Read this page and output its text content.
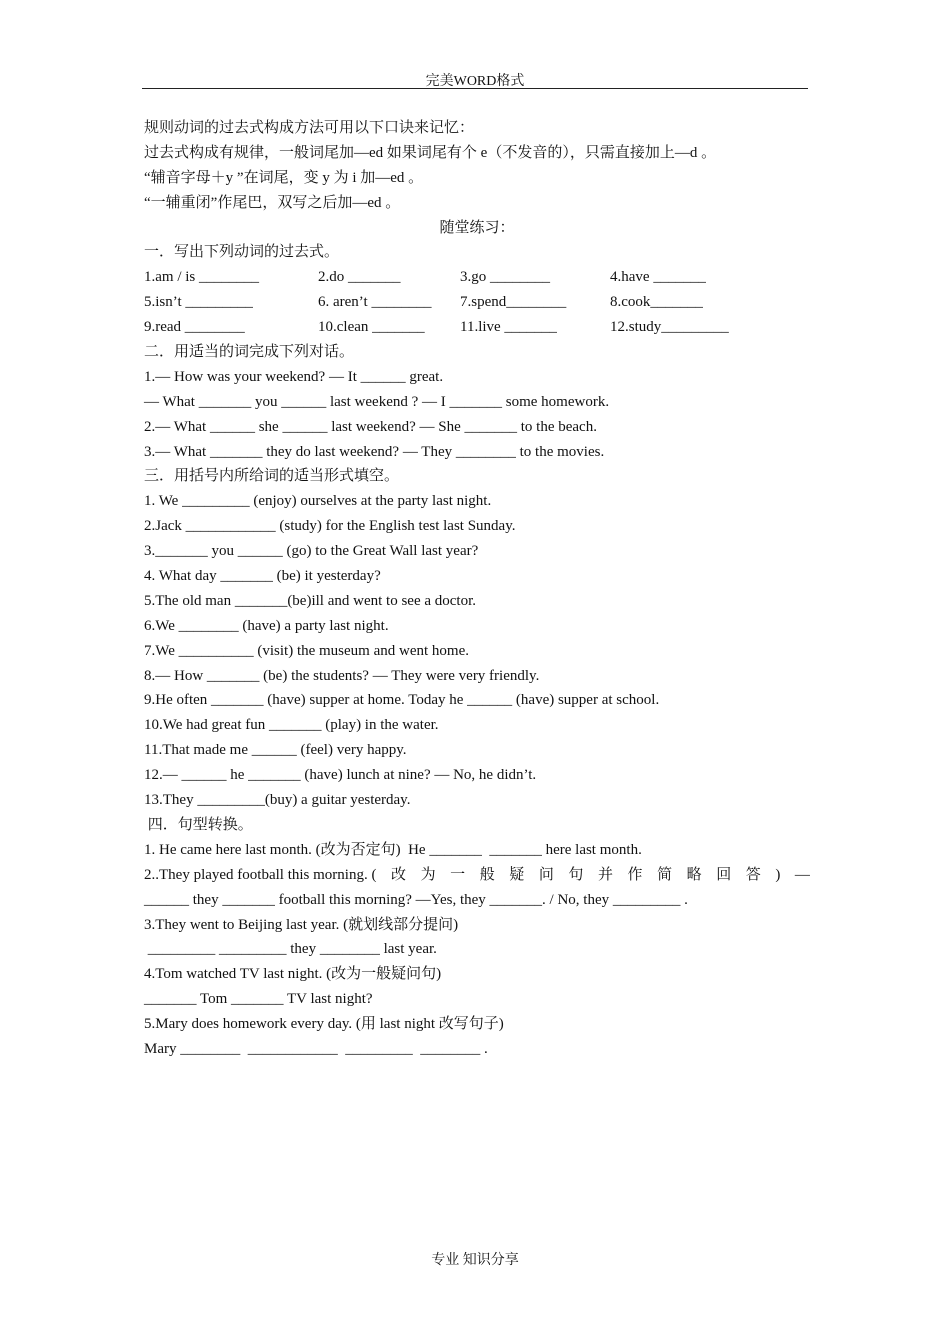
完美WORD格式
规则动词的过去式构成方法可用以下口诀来记忆：
过去式构成有规律，一般词尾加—ed 如果词尾有个 e（不发音的），只需直接加上—d 。
“辅音字母＋y ”在词尾，变 y 为 i 加—ed 。
“一辅重闭”作尾巴，双写之后加—ed 。
随堂练习：
一．写出下列动词的过去式。
1.am / is ________	2.do _______	3.go ________	4.have _______
5.isn’t _________	6. aren’t ________	7.spend________	8.cook_______
9.read ________	10.clean _______	11.live _______	12.study_________
二．用适当的词完成下列对话。
1.— How was your weekend? — It ______ great.
— What _______ you ______ last weekend ? — I _______ some homework.
2.— What ______ she ______ last weekend? — She _______ to the beach.
3.— What _______ they do last weekend? — They ________ to the movies.
三．用括号内所给词的适当形式填空。
1. We _________ (enjoy) ourselves at the party last night.
2.Jack ____________ (study) for the English test last Sunday.
3._______ you ______ (go) to the Great Wall last year?
4. What day _______ (be) it yesterday?
5.The old man _______(be)ill and went to see a doctor.
6.We ________ (have) a party last night.
7.We __________ (visit) the museum and went home.
8.— How _______ (be) the students? — They were very friendly.
9.He often _______ (have) supper at home. Today he ______ (have) supper at school.
10.We had great fun _______ (play) in the water.
11.That made me ______ (feel) very happy.
12.— ______ he _______ (have) lunch at nine? — No, he didn’t.
13.They _________(buy) a guitar yesterday.
四．句型转换。
1. He came here last month. (改为否定句)  He _______  _______ here last month.
2..They played football this morning. ( 改 为 一 般 疑 问 句 并 作 简 略 回 答 ) —
______ they _______ football this morning? —Yes, they _______. / No, they _________ .
3.They went to Beijing last year. (就划线部分提问)
_________ _________ they ________ last year.
4.Tom watched TV last night. (改为一般疑问句)
_______ Tom _______ TV last night?
5.Mary does homework every day. (用 last night 改写句子)
Mary ________  ____________  _________  ________ .
专业 知识分享
